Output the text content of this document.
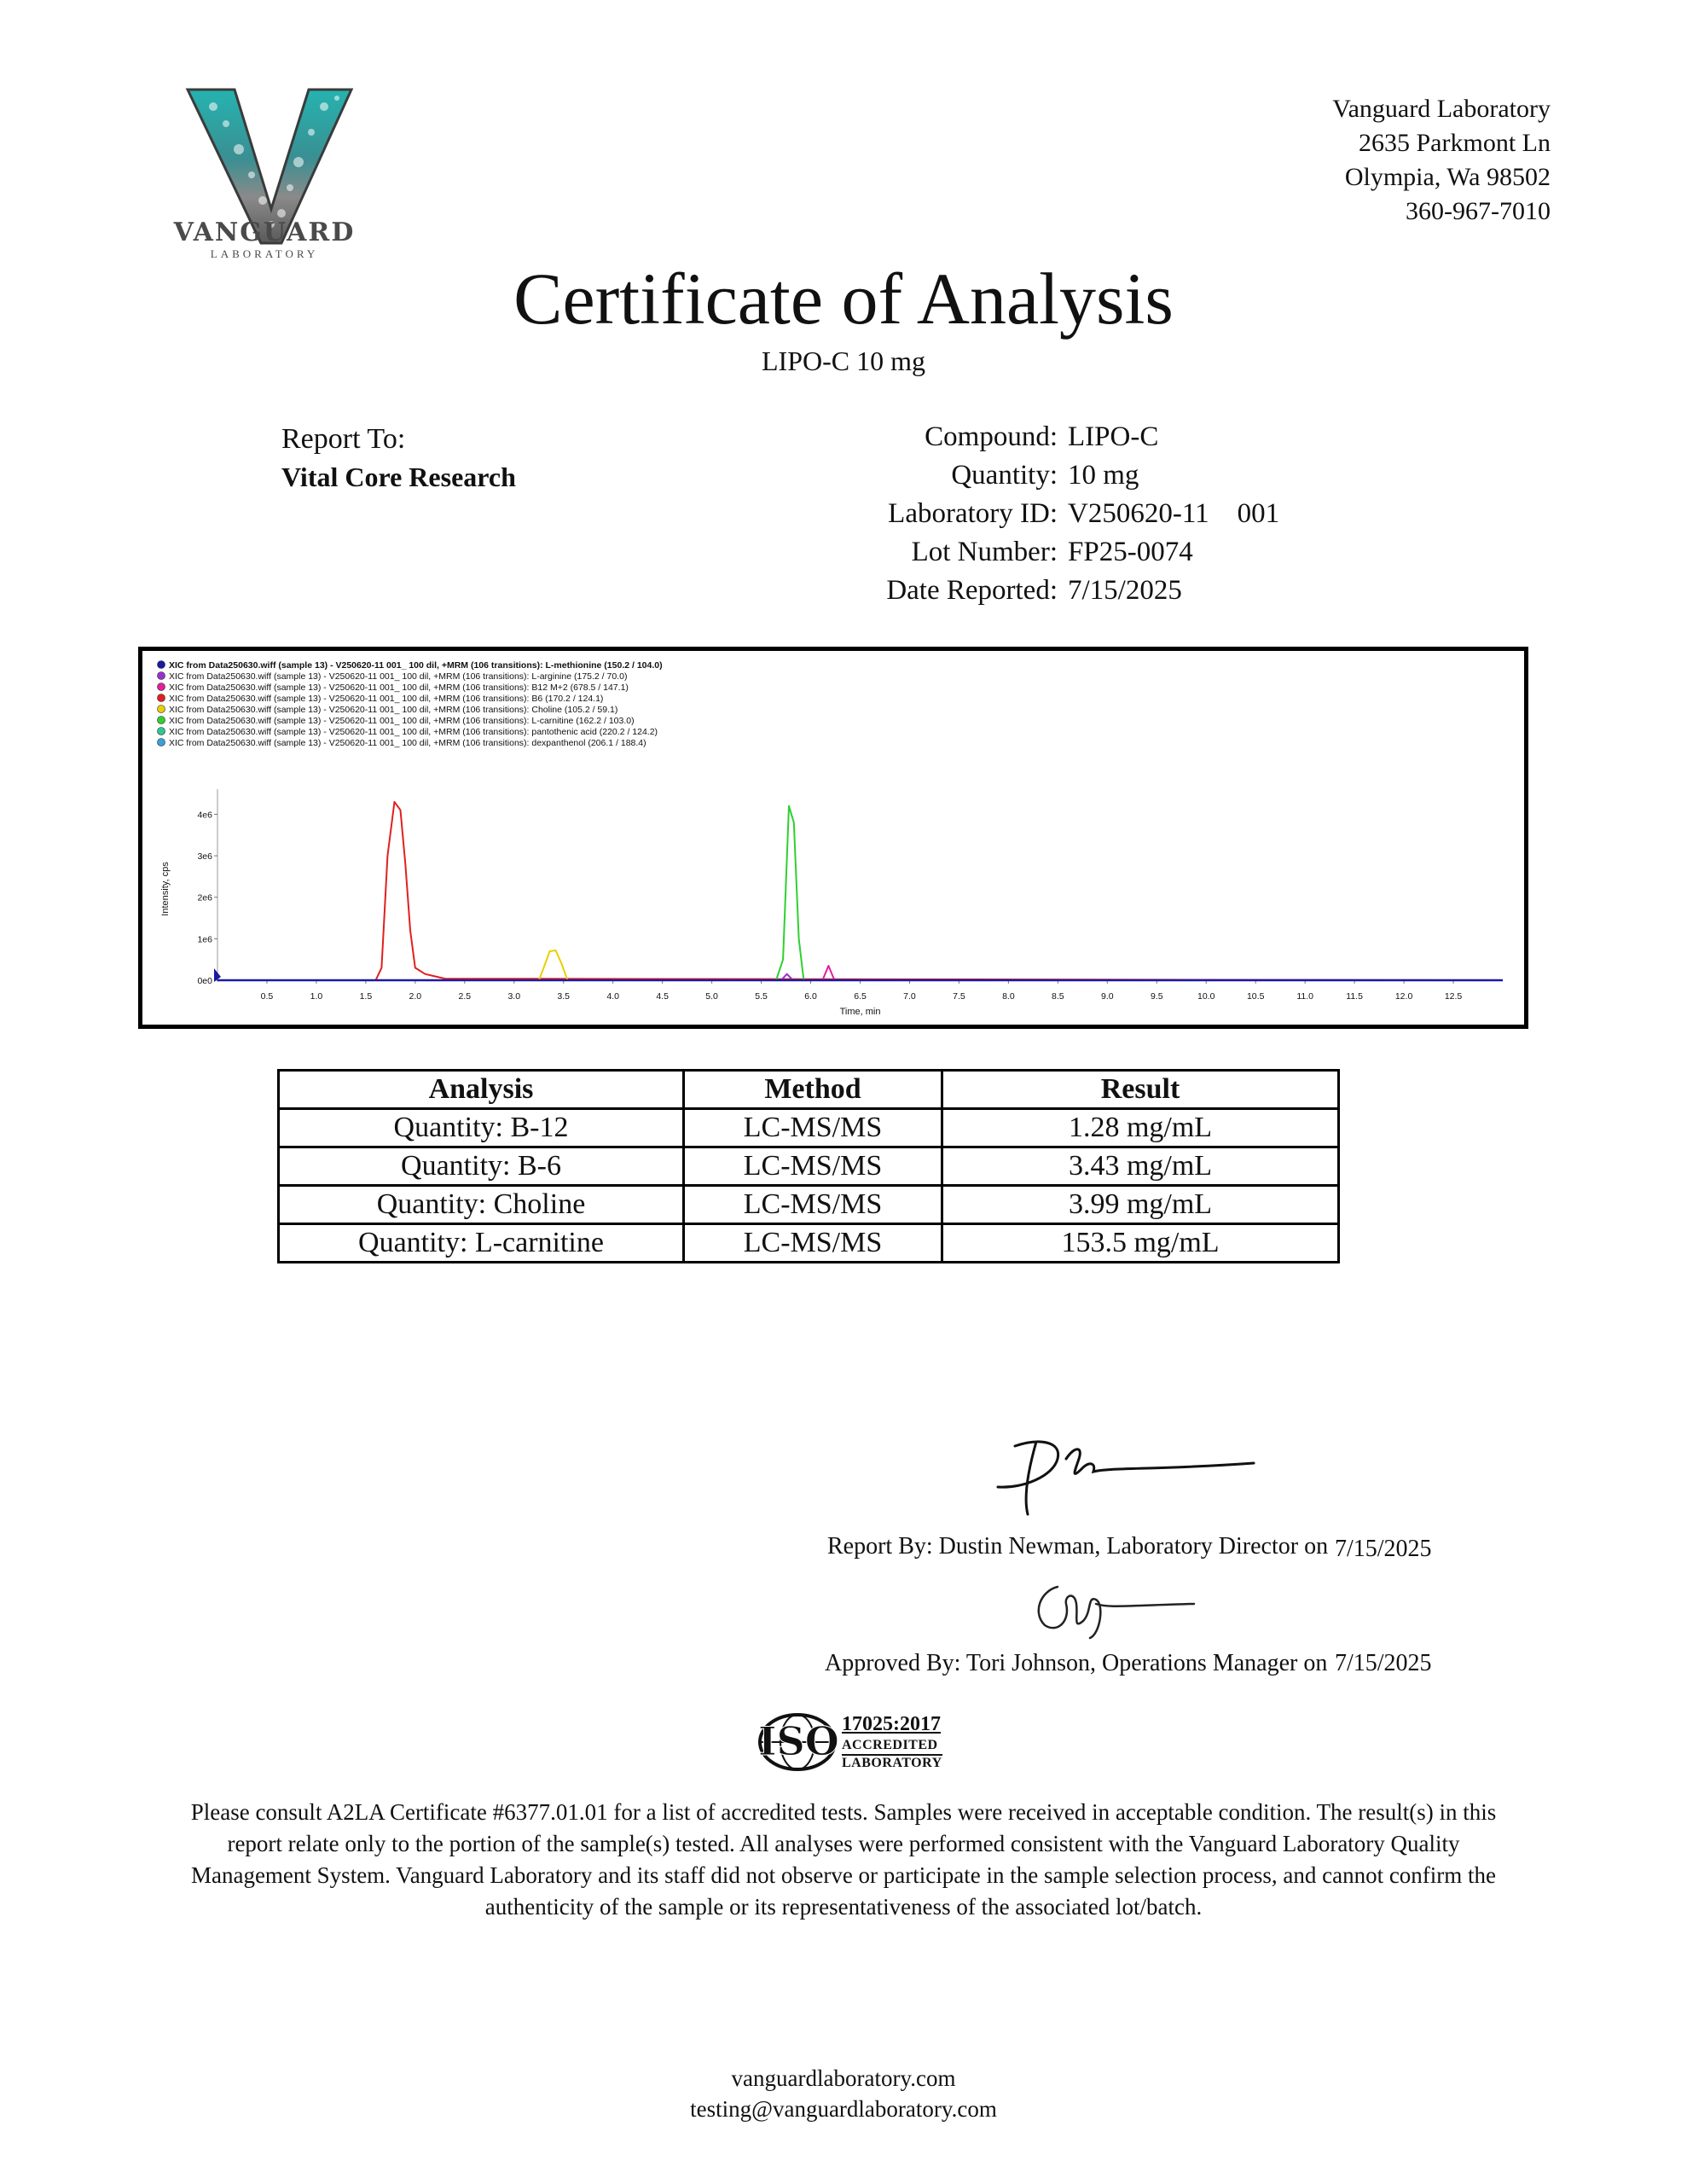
VANGUARD
LABORATORY
Vanguard Laboratory
2635 Parkmont Ln
Olympia, Wa 98502
360-967-7010
Certificate of Analysis
LIPO-C 10 mg
Report To:
Vital Core Research
Compound: LIPO-C
Quantity: 10 mg
Laboratory ID: V250620-11    001
Lot Number: FP25-0074
Date Reported: 7/15/2025
XIC from Data250630.wiff (sample 13) - V250620-11 001_ 100 dil, +MRM (106 transitions): L-methionine (150.2 / 104.0)
XIC from Data250630.wiff (sample 13) - V250620-11 001_ 100 dil, +MRM (106 transitions): L-arginine (175.2 / 70.0)
XIC from Data250630.wiff (sample 13) - V250620-11 001_ 100 dil, +MRM (106 transitions): B12 M+2 (678.5 / 147.1)
XIC from Data250630.wiff (sample 13) - V250620-11 001_ 100 dil, +MRM (106 transitions): B6 (170.2 / 124.1)
XIC from Data250630.wiff (sample 13) - V250620-11 001_ 100 dil, +MRM (106 transitions): Choline (105.2 / 59.1)
XIC from Data250630.wiff (sample 13) - V250620-11 001_ 100 dil, +MRM (106 transitions): L-carnitine (162.2 / 103.0)
XIC from Data250630.wiff (sample 13) - V250620-11 001_ 100 dil, +MRM (106 transitions): pantothenic acid (220.2 / 124.2)
XIC from Data250630.wiff (sample 13) - V250620-11 001_ 100 dil, +MRM (106 transitions): dexpanthenol (206.1 / 188.4)
Intensity, cps
0e0
1e6
2e6
3e6
4e6
0.5	1.0	1.5	2.0	2.5	3.0	3.5	4.0	4.5	5.0	5.5	6.0	6.5	7.0	7.5	8.0	8.5	9.0	9.5	10.0	10.5	11.0	11.5	12.0	12.5
Time, min
Analysis	Method	Result
Quantity: B-12	LC-MS/MS	1.28 mg/mL
Quantity: B-6	LC-MS/MS	3.43 mg/mL
Quantity: Choline	LC-MS/MS	3.99 mg/mL
Quantity: L-carnitine	LC-MS/MS	153.5 mg/mL
Report By: Dustin Newman, Laboratory Director on 7/15/2025
Approved By: Tori Johnson, Operations Manager on 7/15/2025
ISO 17025:2017
ACCREDITED
LABORATORY
Please consult A2LA Certificate #6377.01.01 for a list of accredited tests. Samples were received in acceptable condition. The result(s) in this
report relate only to the portion of the sample(s) tested. All analyses were performed consistent with the Vanguard Laboratory Quality
Management System. Vanguard Laboratory and its staff did not observe or participate in the sample selection process, and cannot confirm the
authenticity of the sample or its representativeness of the associated lot/batch.
vanguardlaboratory.com
testing@vanguardlaboratory.com
